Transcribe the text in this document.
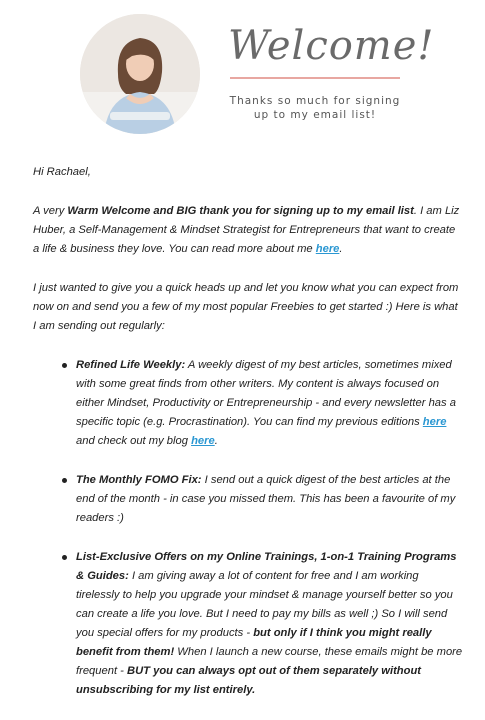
Welcome!
Thanks so much for signing
up to my email list!

Hi Rachael,

A very Warm Welcome and BIG thank you for signing up to my email list. I am Liz Huber, a Self-Management & Mindset Strategist for Entrepreneurs that want to create a life & business they love. You can read more about me here.

I just wanted to give you a quick heads up and let you know what you can expect from now on and send you a few of my most popular Freebies to get started :) Here is what I am sending out regularly:

Refined Life Weekly: A weekly digest of my best articles, sometimes mixed with some great finds from other writers. My content is always focused on either Mindset, Productivity or Entrepreneurship - and every newsletter has a specific topic (e.g. Procrastination). You can find my previous editions here and check out my blog here.
The Monthly FOMO Fix: I send out a quick digest of the best articles at the end of the month - in case you missed them. This has been a favourite of my readers :)
List-Exclusive Offers on my Online Trainings, 1-on-1 Training Programs & Guides: I am giving away a lot of content for free and I am working tirelessly to help you upgrade your mindset & manage yourself better so you can create a life you love. But I need to pay my bills as well ;) So I will send you special offers for my products - but only if I think you might really benefit from them! When I launch a new course, these emails might be more frequent - BUT you can always opt out of them separately without unsubscribing for my list entirely.
